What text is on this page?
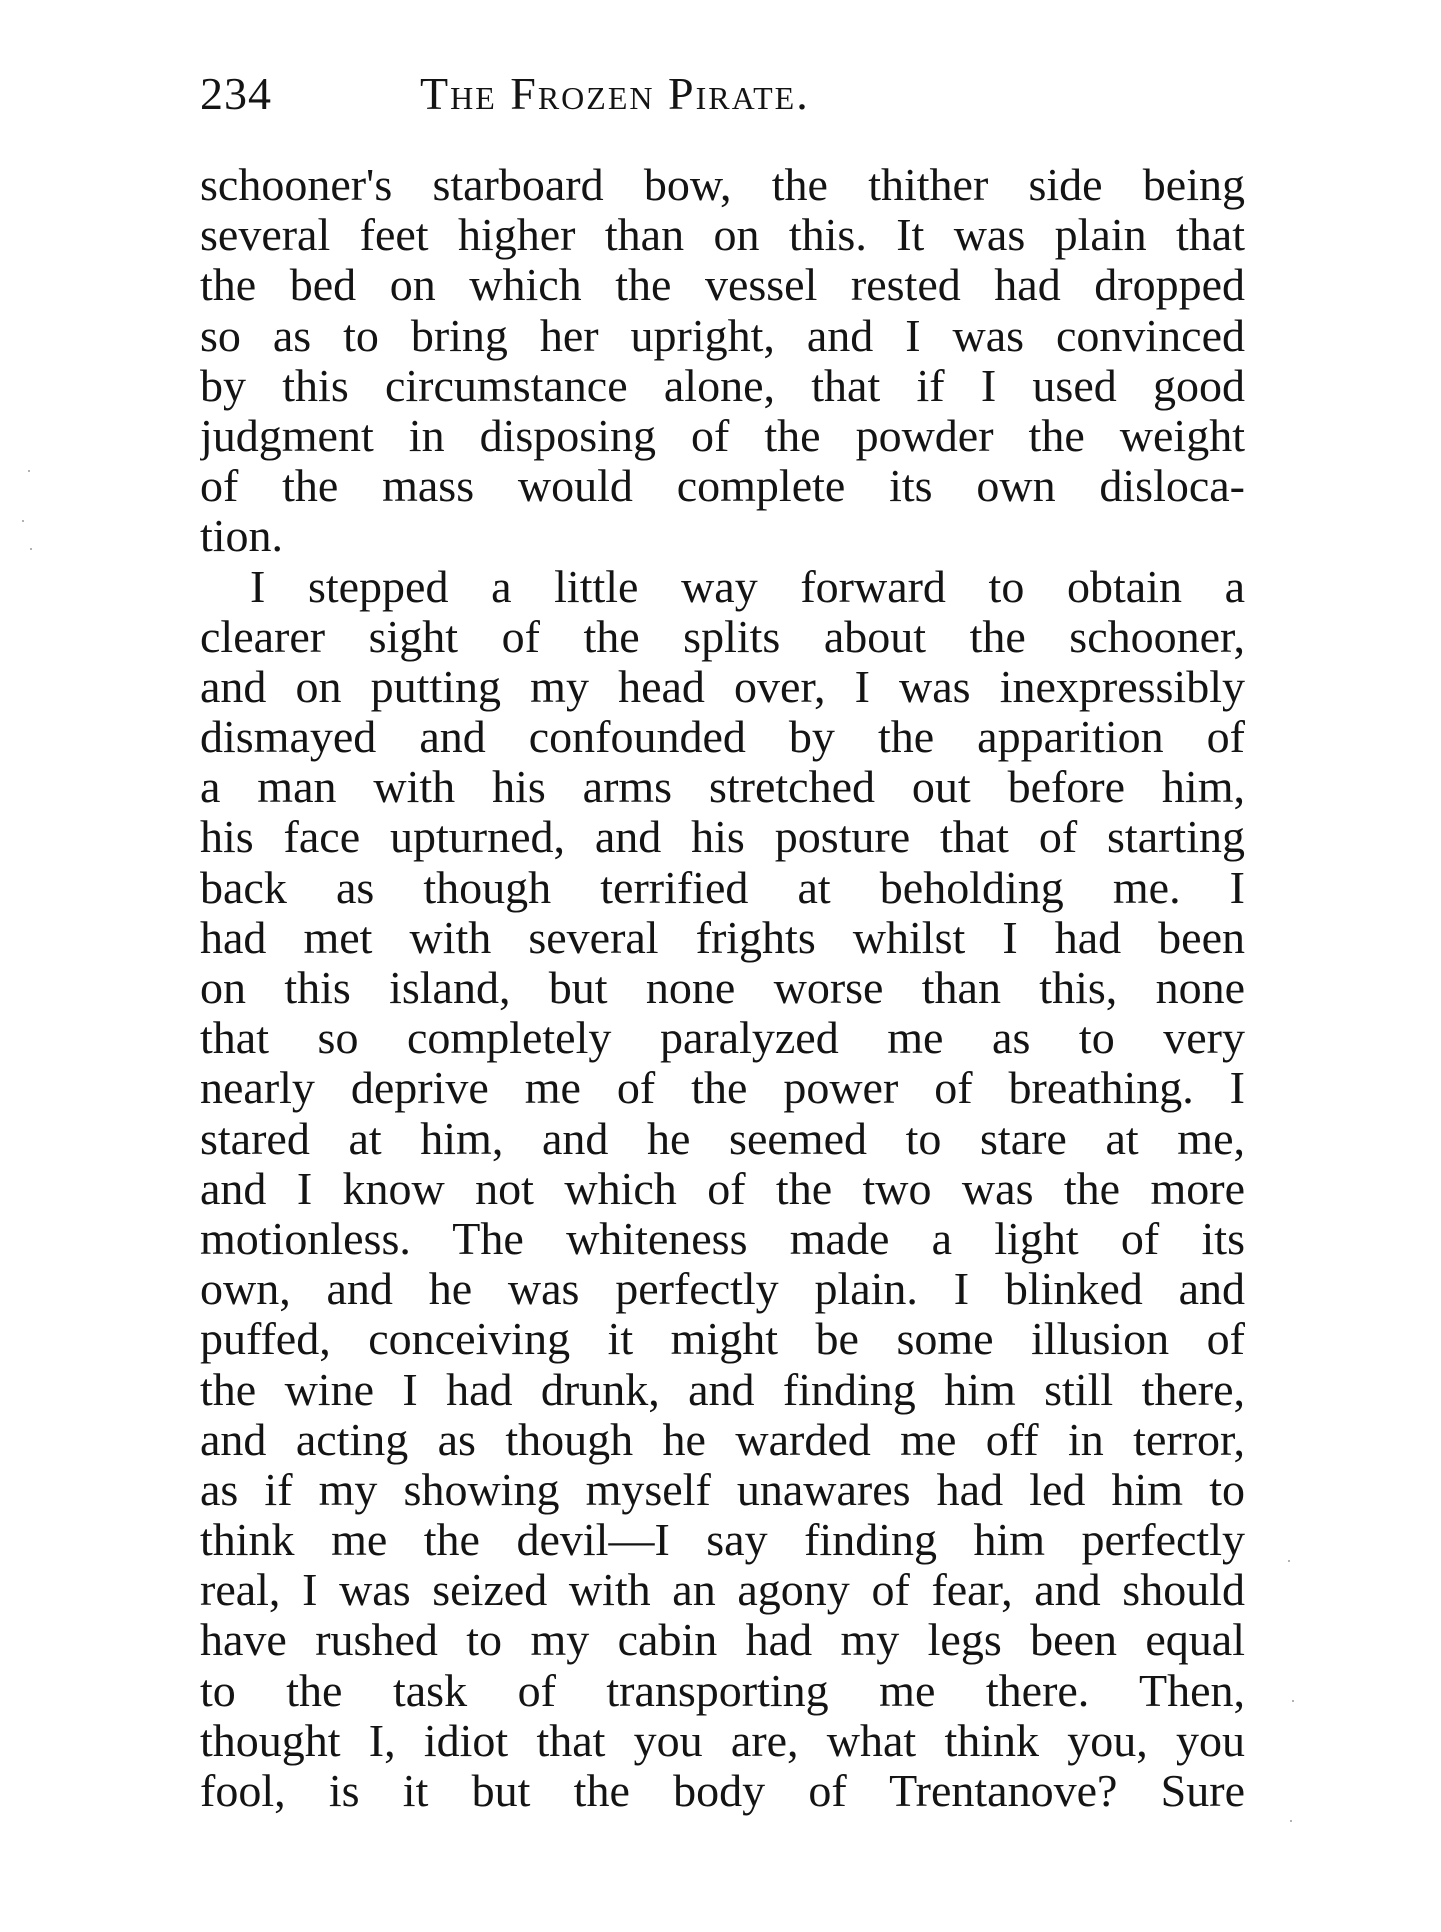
234	The Frozen Pirate.
schooner's starboard bow, the thither side being
several feet higher than on this. It was plain that
the bed on which the vessel rested had dropped
so as to bring her upright, and I was convinced
by this circumstance alone, that if I used good
judgment in disposing of the powder the weight
of the mass would complete its own disloca-
tion.
I stepped a little way forward to obtain a
clearer sight of the splits about the schooner,
and on putting my head over, I was inexpressibly
dismayed and confounded by the apparition of
a man with his arms stretched out before him,
his face upturned, and his posture that of starting
back as though terrified at beholding me. I
had met with several frights whilst I had been
on this island, but none worse than this, none
that so completely paralyzed me as to very
nearly deprive me of the power of breathing. I
stared at him, and he seemed to stare at me,
and I know not which of the two was the more
motionless. The whiteness made a light of its
own, and he was perfectly plain. I blinked and
puffed, conceiving it might be some illusion of
the wine I had drunk, and finding him still there,
and acting as though he warded me off in terror,
as if my showing myself unawares had led him to
think me the devil—I say finding him perfectly
real, I was seized with an agony of fear, and should
have rushed to my cabin had my legs been equal
to the task of transporting me there. Then,
thought I, idiot that you are, what think you, you
fool, is it but the body of Trentanove? Sure
